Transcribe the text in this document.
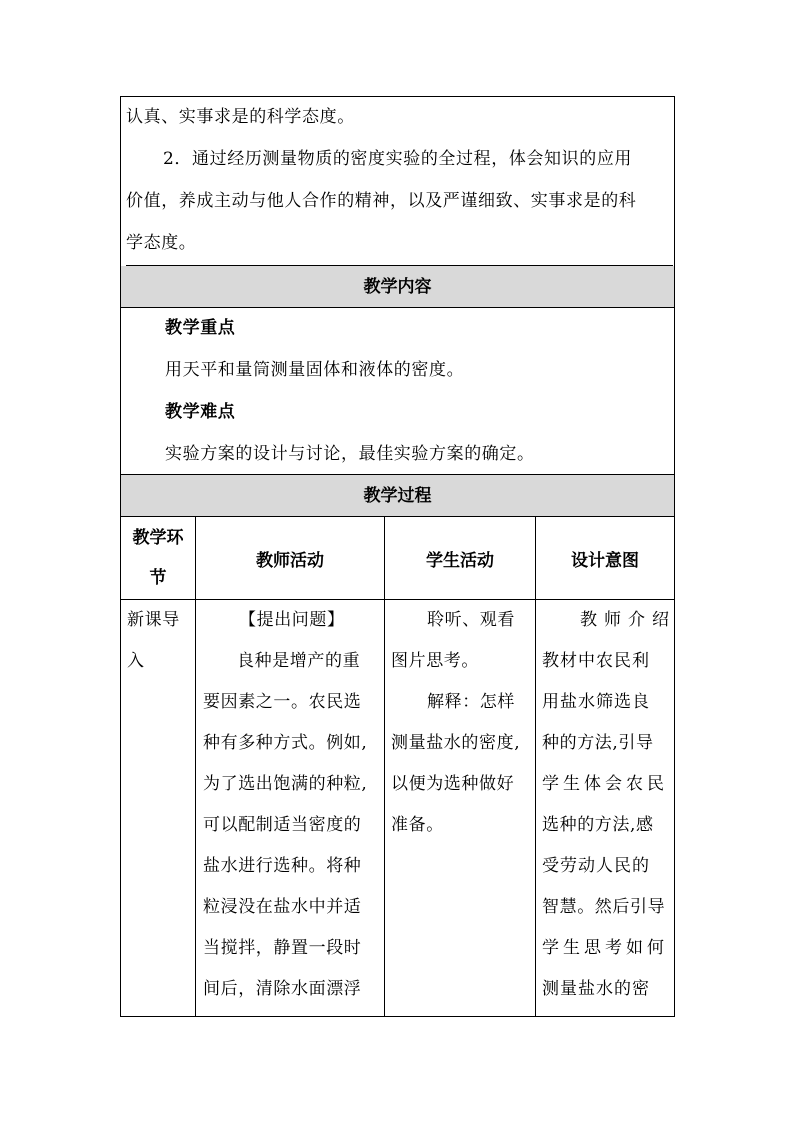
认真、实事求是的科学态度。
2．通过经历测量物质的密度实验的全过程，体会知识的应用
价值，养成主动与他人合作的精神，以及严谨细致、实事求是的科
学态度。
教学内容
教学重点
用天平和量筒测量固体和液体的密度。
教学难点
实验方案的设计与讨论，最佳实验方案的确定。
教学过程
教学环
节
教师活动	学生活动	设计意图
新课导
入
【提出问题】
良种是增产的重
要因素之一。农民选
种有多种方式。例如,
为了选出饱满的种粒,
可以配制适当密度的
盐水进行选种。将种
粒浸没在盐水中并适
当搅拌，静置一段时
间后，清除水面漂浮
聆听、观看
图片思考。
解释：怎样
测量盐水的密度,
以便为选种做好
准备。
教师介绍
教材中农民利
用盐水筛选良
种的方法,引导
学生体会农民
选种的方法,感
受劳动人民的
智慧。然后引导
学生思考如何
测量盐水的密
